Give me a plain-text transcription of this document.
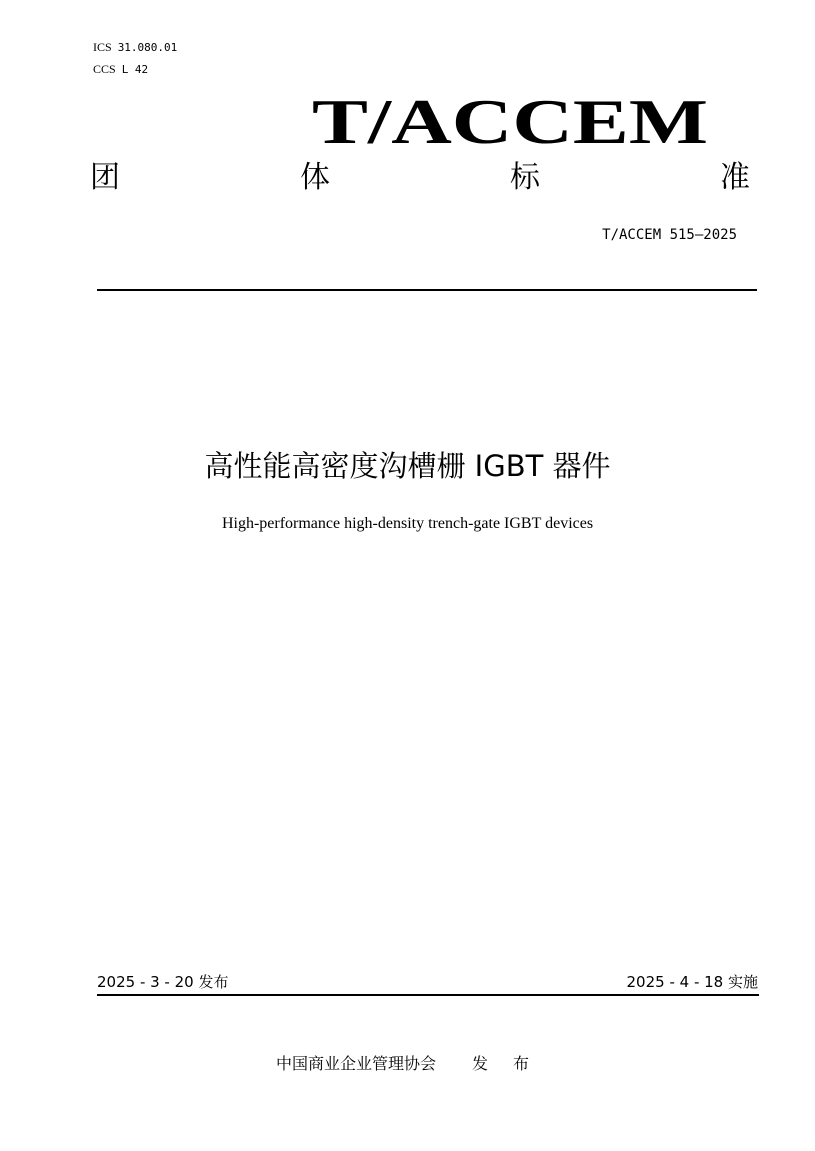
ICS 31.080.01
CCS L 42
T/ACCEM
团	体	标	准
T/ACCEM 515—2025
高性能高密度沟槽栅 IGBT 器件
High-performance high-density trench-gate IGBT devices
2025 - 3 - 20 发布	2025 - 4 - 18 实施
中国商业企业管理协会 发 布
